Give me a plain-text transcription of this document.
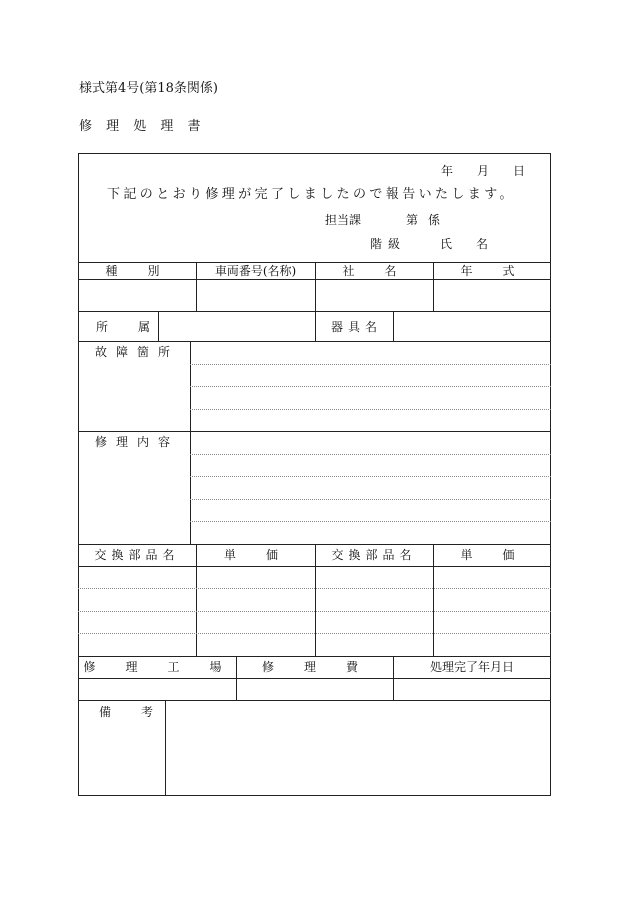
様式第4号(第18条関係)
修 理 処 理 書
年 月 日
下記のとおり修理が完了しましたので報告いたします。
担当課	第 係
階級	氏　名
種　別	車両番号(名称)	社　名	年　式
所　属	器具名
故障箇所
修理内容
交換部品名	単　価	交換部品名	単　価
修　理　工　場	修　理　費	処理完了年月日
備　考
